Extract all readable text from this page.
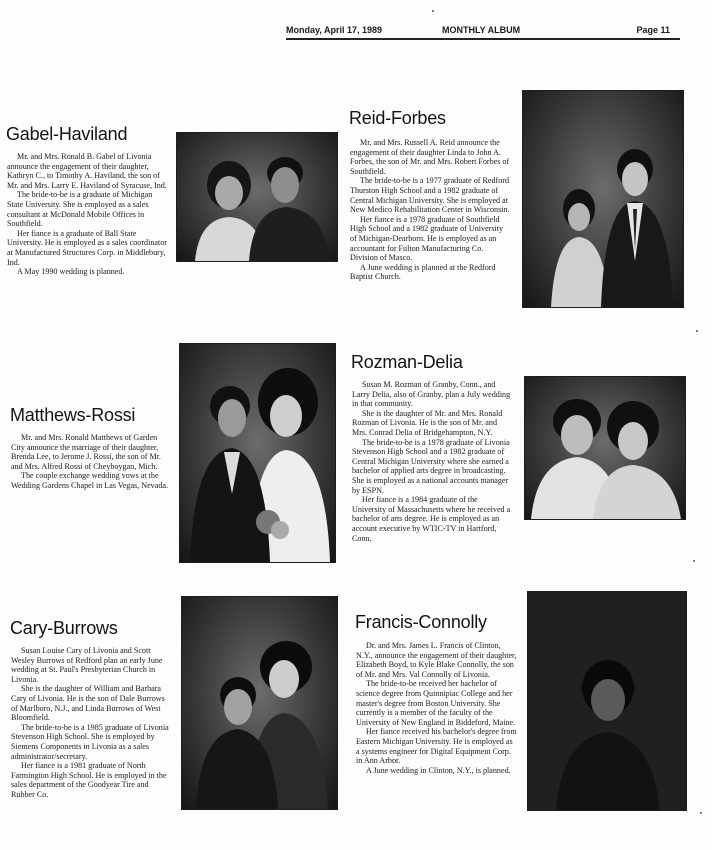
Monday, April 17, 1989	MONTHLY ALBUM	Page 11
Gabel-Haviland

Mr. and Mrs. Ronald B. Gabel of Livonia announce the engagement of their daughter, Kathryn C., to Timothy A. Haviland, the son of Mr. and Mrs. Larry E. Haviland of Syracuse, Ind.

The bride-to-be is a graduate of Michigan State University. She is employed as a sales consultant at McDonald Mobile Offices in Southfield.

Her fiance is a graduate of Ball State University. He is employed as a sales coordinator at Manufactured Structures Corp. in Middlebury, Ind.

A May 1990 wedding is planned.

Reid-Forbes

Mr. and Mrs. Russell A. Reid announce the engagement of their daughter Linda to John A. Forbes, the son of Mr. and Mrs. Robert Forbes of Southfield.

The bride-to-be is a 1977 graduate of Redford Thurston High School and a 1982 graduate of Central Michigan University. She is employed at New Medico Rehabilitation Center in Wisconsin.

Her fiance is a 1978 graduate of Southfield High School and a 1982 graduate of University of Michigan-Dearborn. He is employed as an accountant for Fulton Manufacturing Co. Division of Masco.

A June wedding is planned at the Redford Baptist Church.

Matthews-Rossi

Mr. and Mrs. Ronald Matthews of Garden City announce the marriage of their daughter, Brenda Lee, to Jerome J. Rossi, the son of Mr. and Mrs. Alfred Rossi of Cheyboygan, Mich.

The couple exchange wedding vows at the Wedding Gardens Chapel in Las Vegas, Nevada.

Rozman-Delia

Susan M. Rozman of Granby, Conn., and Larry Delia, also of Granby, plan a July wedding in that community.

She is the daughter of Mr. and Mrs. Ronald Rozman of Livonia. He is the son of Mr. and Mrs. Conrad Delia of Bridgehampton, N.Y.

The bride-to-be is a 1978 graduate of Livonia Stevenson High School and a 1982 graduate of Central Michigan University where she earned a bachelor of applied arts degree in broadcasting. She is employed as a national accounts manager by ESPN.

Her fiance is a 1984 graduate of the University of Massachusetts where he received a bachelor of arts degree. He is employed as an account executive by WTIC-TV in Hartford, Conn.

Cary-Burrows

Susan Louise Cary of Livonia and Scott Wesley Burrows of Redford plan an early June wedding at St. Paul's Presbyterian Church in Livonia.

She is the daughter of William and Barbara Cary of Livonia. He is the son of Dale Burrows of Marlboro, N.J., and Linda Burrows of West Bloomfield.

The bride-to-be is a 1985 graduate of Livonia Stevenson High School. She is employed by Siemens Components in Livonia as a sales administrator/secretary.

Her fiance is a 1981 graduate of North Farmington High School. He is employed in the sales department of the Goodyear Tire and Rubber Co.

Francis-Connolly

Dr. and Mrs. James L. Francis of Clinton, N.Y., announce the engagement of their daughter, Elizabeth Boyd, to Kyle Blake Connolly, the son of Mr. and Mrs. Val Connolly of Livonia.

The bride-to-be received her bachelor of science degree from Quinnipiac College and her master's degree from Boston University. She currently is a member of the faculty of the University of New England in Biddeford, Maine.

Her fiance received his bachelor's degree from Eastern Michigan University. He is employed as a systems engineer for Digital Equipment Corp. in Ann Arbor.

A June wedding in Clinton, N.Y., is planned.
